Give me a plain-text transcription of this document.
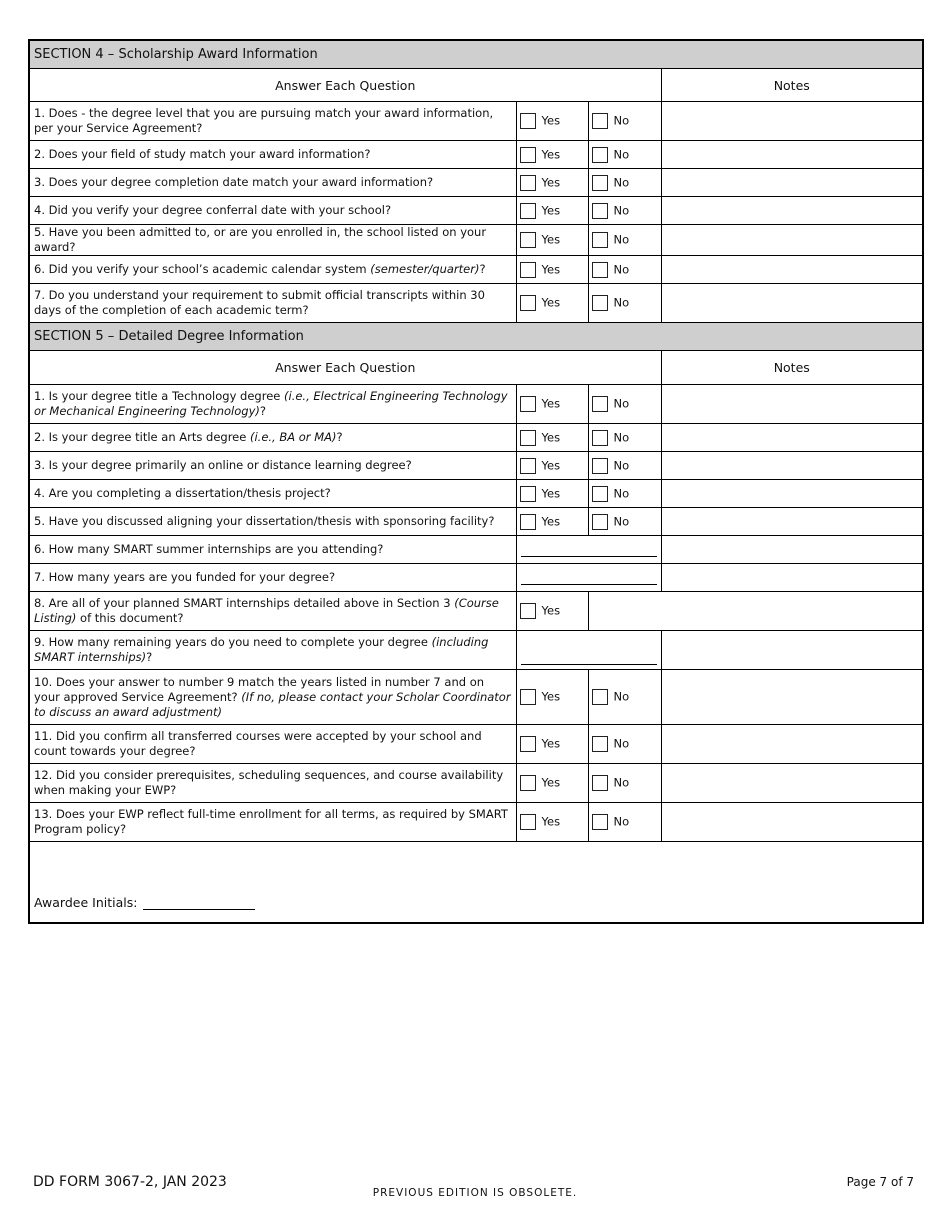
SECTION 4 – Scholarship Award Information			
Answer Each Question			Notes
1. Does - the degree level that you are pursuing match your award information, per your Service Agreement?	Yes	No	
2. Does your field of study match your award information?	Yes	No	
3. Does your degree completion date match your award information?	Yes	No	
4. Did you verify your degree conferral date with your school?	Yes	No	
5. Have you been admitted to, or are you enrolled in, the school listed on your award?	Yes	No	
6. Did you verify your school’s academic calendar system (semester/quarter)?	Yes	No	
7. Do you understand your requirement to submit official transcripts within 30 days of the completion of each academic term?	Yes	No	
SECTION 5 – Detailed Degree Information			
Answer Each Question			Notes
1. Is your degree title a Technology degree (i.e., Electrical Engineering Technology or Mechanical Engineering Technology)?	Yes	No	
2. Is your degree title an Arts degree (i.e., BA or MA)?	Yes	No	
3. Is your degree primarily an online or distance learning degree?	Yes	No	
4. Are you completing a dissertation/thesis project?	Yes	No	
5. Have you discussed aligning your dissertation/thesis with sponsoring facility?	Yes	No	
6. How many SMART summer internships are you attending?		

7. How many years are you funded for your degree?		

8. Are all of your planned SMART internships detailed above in Section 3 (Course Listing) of this document?	Yes		
9. How many remaining years do you need to complete your degree (including SMART internships)?		

10. Does your answer to number 9 match the years listed in number 7 and on your approved Service Agreement? (If no, please contact your Scholar Coordinator to discuss an award adjustment)	Yes	No	
11. Did you confirm all transferred courses were accepted by your school and count towards your degree?	Yes	No	
12. Did you consider prerequisites, scheduling sequences, and course availability when making your EWP?	Yes	No	
13. Does your EWP reflect full-time enrollment for all terms, as required by SMART Program policy?	Yes	No	
Awardee Initials:			
DD FORM 3067-2, JAN 2023
PREVIOUS EDITION IS OBSOLETE.
Page 7 of 7
